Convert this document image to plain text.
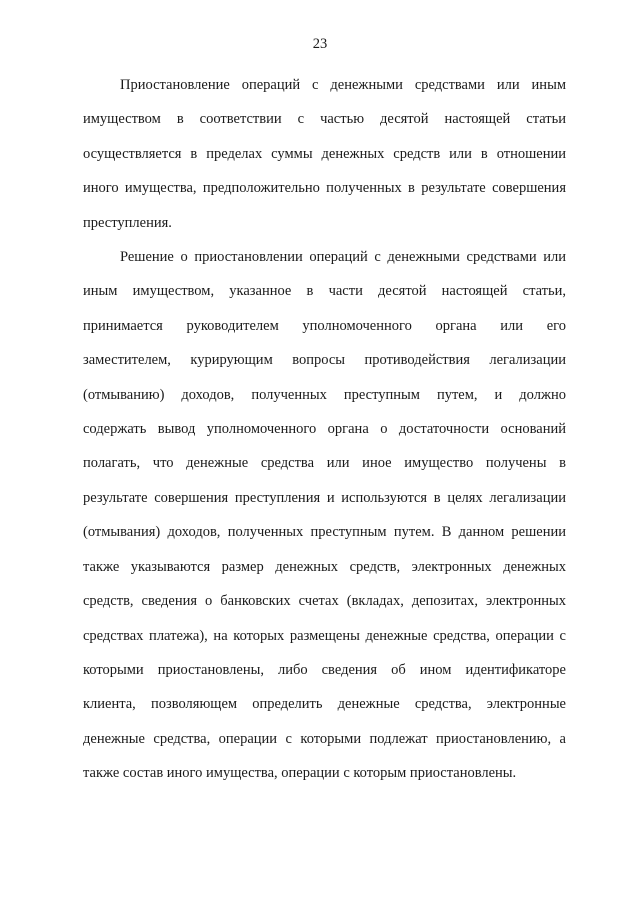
23

Приостановление операций с денежными средствами или иным
имуществом в соответствии с частью десятой настоящей статьи
осуществляется в пределах суммы денежных средств или в отношении
иного имущества, предположительно полученных в результате совершения
преступления.

Решение о приостановлении операций с денежными средствами или
иным имуществом, указанное в части десятой настоящей статьи,
принимается руководителем уполномоченного органа или его
заместителем, курирующим вопросы противодействия легализации
(отмыванию) доходов, полученных преступным путем, и должно
содержать вывод уполномоченного органа о достаточности оснований
полагать, что денежные средства или иное имущество получены в
результате совершения преступления и используются в целях легализации
(отмывания) доходов, полученных преступным путем. В данном решении
также указываются размер денежных средств, электронных денежных
средств, сведения о банковских счетах (вкладах, депозитах, электронных
средствах платежа), на которых размещены денежные средства, операции с
которыми приостановлены, либо сведения об ином идентификаторе
клиента, позволяющем определить денежные средства, электронные
денежные средства, операции с которыми подлежат приостановлению, а
также состав иного имущества, операции с которым приостановлены.
